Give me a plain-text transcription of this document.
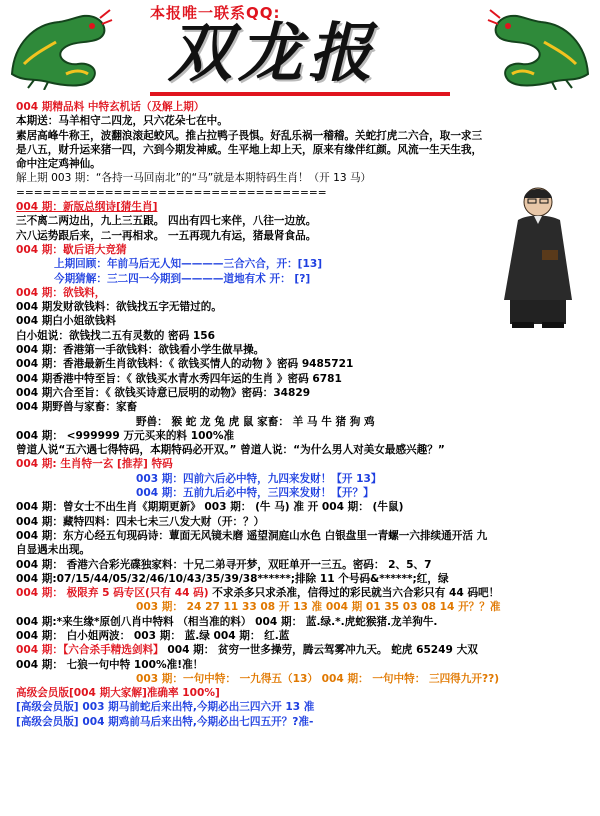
本报唯一联系QQ:
双龙报
004 期精品料 中特玄机话（及解上期）
本期送：马羊相守二四龙，只六花朵七在中。
素居高峰牛称王，波翻浪滚起蛟风。推占拉鸭子畏惧。好乱乐祸一稽稽。关蛇打虎二六合，取一求三
是八五，财升运来猪一四，六到今期发神威。生平地上却上天，原来有缘伴红颜。风流一生天生我，
命中注定鸡神仙。
解上期 003 期：“各持一马回南北”的“马”就是本期特码生肖！（开 13 马）
===================================
004 期：新版总纲诗[猜生肖]
三不离二两边出，九上三五跟。 四出有四七来伴，八往一边放。
六八运势跟后来，二一再相求。 一五再现九有运，猪最肾食品。
004 期：歇后语大竞猜
上期回顾：年前马后无人知————三合六合，开：[13]
今期猜解：三二四一今期到————道地有术 开： [?]
004 期：欲钱料，
004 期发财欲钱料：欲钱找五字无错过的。
004 期白小姐欲钱料
白小姐说：欲钱找二五有灵数的 密码 156
004 期：香港第一手欲钱料：欲钱看小学生做早操。
004 期：香港最新生肖欲钱料：《 欲钱买情人的动物 》密码 9485721
004 期香港中特至旨：《 欲钱买水青水秀四年运的生肖 》密码 6781
004 期六合至旨：《 欲钱买诗意已辰明的动物》密码：34829
004 期野兽与家畜：家畜
野兽： 猴 蛇 龙 兔 虎 鼠 家畜： 羊 马 牛 猪 狗 鸡
004 期： <999999 万元买来的料 100%准
曾道人说“五六遇七得特码，本期特码必开双。” 曾道人说：“为什么男人对美女最感兴趣？”
004 期: 生肖特一玄 [推荐] 特码
003 期：四前六后必中特，九四来发财！【开 13】
004 期：五前九后必中特，三四来发财！【开？】
004 期：曾女士不出生肖《期期更新》 003 期： (牛 马) 准 开 004 期： (牛鼠)
004 期：藏特四料：四未七未三八发大财（开：？）
004 期：东方心经五句现码诗：蕈面无风镜未磨 遥望洞庭山水色 白银盘里一青螺一六排续通开活 九
自显遇未出现。
004 期： 香港六合彩光碟独家料：十兄二弟寻开梦，双旺单开一三五。密码： 2、5、7
004 期:07/15/44/05/32/46/10/43/35/39/38******;排除 11 个号码&******;红，绿
004 期： 极限弃 5 码专区(只有 44 码) 不求杀多只求杀准，信得过的彩民就当六合彩只有 44 码吧！
003 期： 24 27 11 33 08 开 13 准 004 期 01 35 03 08 14 开？？准
004 期:*来生缘*原创八肖中特料 （相当准的料） 004 期： 蓝.绿.*.虎蛇猴猪.龙羊狗牛.
004 期： 白小姐两波： 003 期： 蓝.绿 004 期： 红.蓝
004 期：【六合杀手精选剑料】 004 期： 贫穷一世多操劳，腾云驾雾冲九天。 蛇虎 65249 大双
004 期： 七狼一句中特 100%准!准！
003 期：一句中特： 一九得五（13） 004 期： 一句中特： 三四得九开??)
高级会员版[004 期大家解]准确率 100%]
[高级会员版] 003 期马前蛇后来出特,今期必出三四六开 13 准
[高级会员版] 004 期鸡前马后来出特,今期必出七四五开？?准-
